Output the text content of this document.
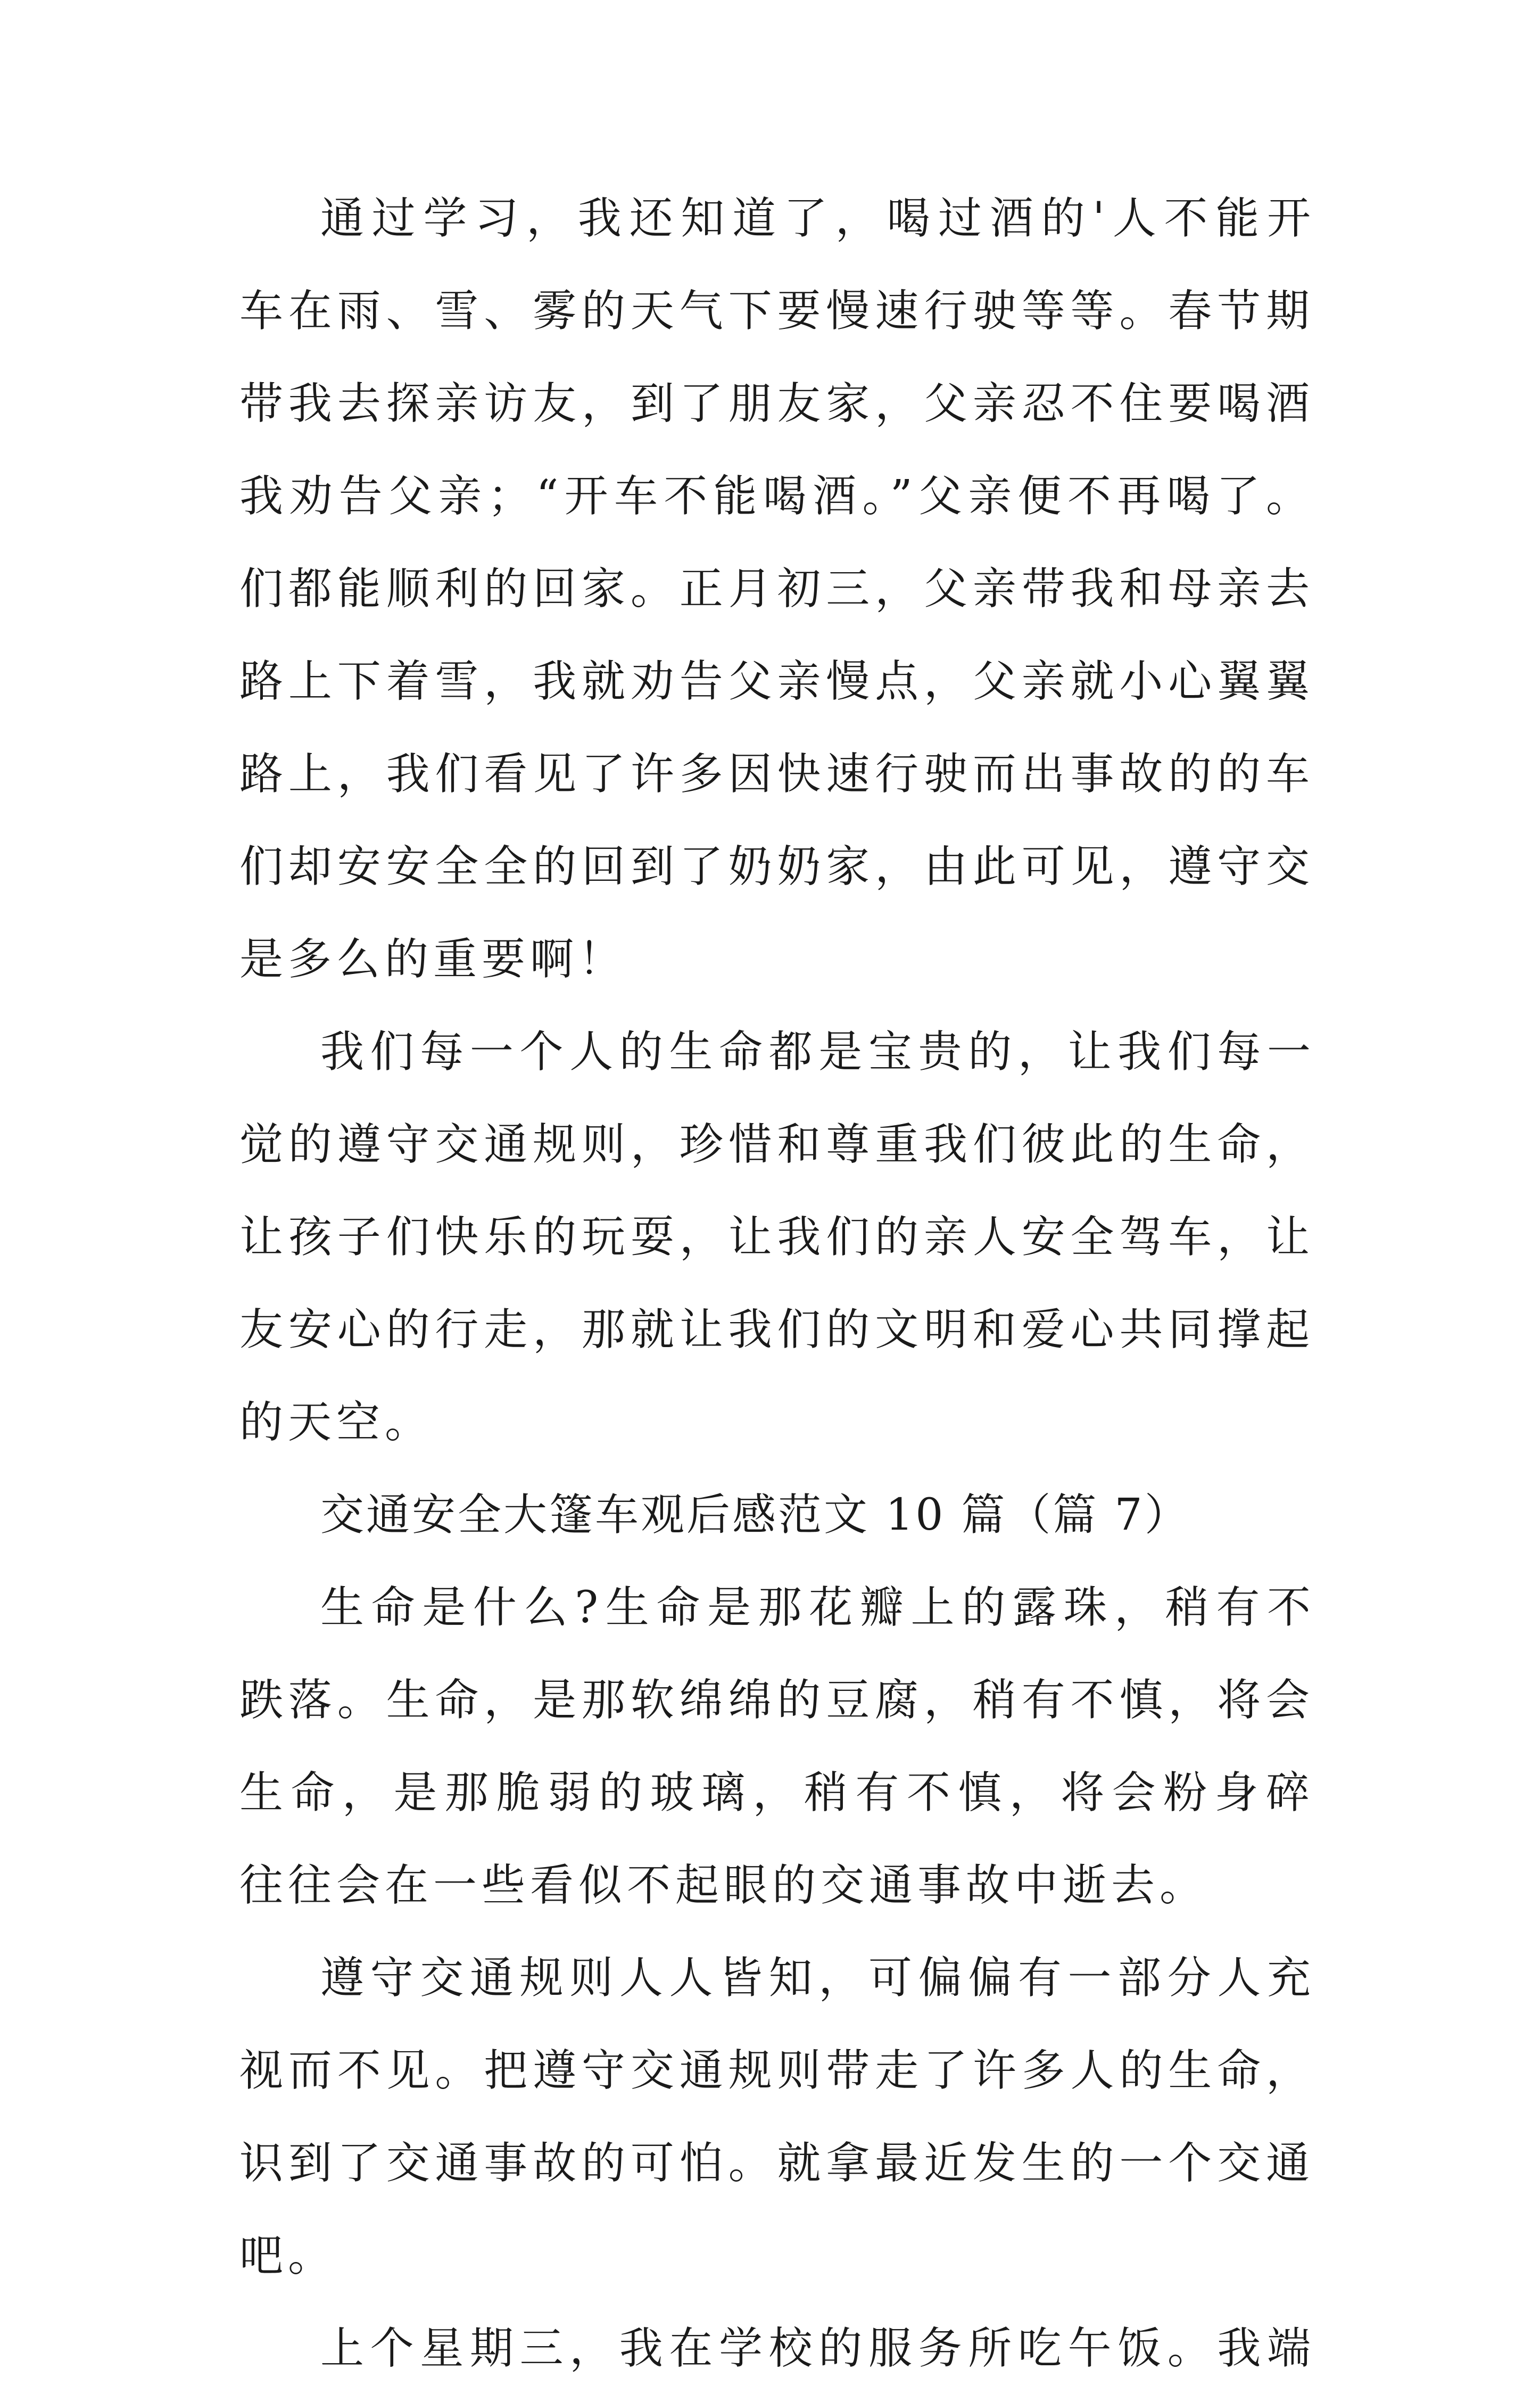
通过学习，我还知道了，喝过酒的'人不能开
车在雨、雪、雾的天气下要慢速行驶等等。春节期
带我去探亲访友，到了朋友家，父亲忍不住要喝酒
我劝告父亲；“开车不能喝酒。”父亲便不再喝了。
们都能顺利的回家。正月初三，父亲带我和母亲去
路上下着雪，我就劝告父亲慢点，父亲就小心翼翼
路上，我们看见了许多因快速行驶而出事故的的车
们却安安全全的回到了奶奶家，由此可见，遵守交
是多么的重要啊！
我们每一个人的生命都是宝贵的，让我们每一
觉的遵守交通规则，珍惜和尊重我们彼此的生命，
让孩子们快乐的玩耍，让我们的亲人安全驾车，让
友安心的行走，那就让我们的文明和爱心共同撑起
的天空。
交通安全大篷车观后感范文 10 篇（篇 7）
生命是什么?生命是那花瓣上的露珠，稍有不
跌落。生命，是那软绵绵的豆腐，稍有不慎，将会
生命，是那脆弱的玻璃，稍有不慎，将会粉身碎
往往会在一些看似不起眼的交通事故中逝去。
遵守交通规则人人皆知，可偏偏有一部分人充
视而不见。把遵守交通规则带走了许多人的生命，
识到了交通事故的可怕。就拿最近发生的一个交通
吧。
上个星期三，我在学校的服务所吃午饭。我端
